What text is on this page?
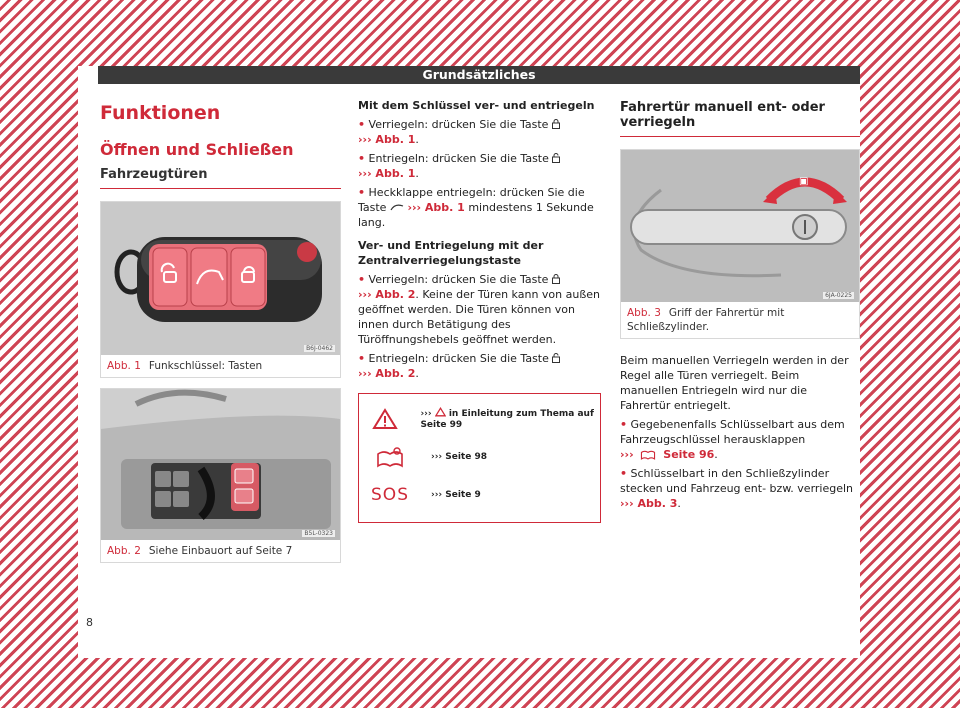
Grundsätzliches
Funktionen
Öffnen und Schließen
Fahrzeugtüren
B6J-0462
Abb. 1 Funkschlüssel: Tasten
B5L-0323
Abb. 2 Siehe Einbauort auf Seite 7

Mit dem Schlüssel ver- und entriegeln

• Verriegeln: drücken Sie die Taste
››› Abb. 1.

• Entriegeln: drücken Sie die Taste
››› Abb. 1.

• Heckklappe entriegeln: drücken Sie die Taste ››› Abb. 1 mindestens 1 Sekunde lang.

Ver- und Entriegelung mit der Zentralverriegelungstaste

• Verriegeln: drücken Sie die Taste
››› Abb. 2. Keine der Türen kann von außen geöffnet werden. Die Türen können von innen durch Betätigung des Türöffnungshebels geöffnet werden.

• Entriegeln: drücken Sie die Taste
››› Abb. 2.

›››  in Einleitung zum Thema auf Seite 99
››› Seite 98
SOS	››› Seite 9
Fahrertür manuell ent- oder verriegeln
▣
6JA-0225
Abb. 3 Griff der Fahrertür mit Schließzylinder.

Beim manuellen Verriegeln werden in der Regel alle Türen verriegelt. Beim manuellen Entriegeln wird nur die Fahrertür entriegelt.

• Gegebenenfalls Schlüsselbart aus dem Fahrzeugschlüssel herausklappen
›››  Seite 96.

• Schlüsselbart in den Schließzylinder stecken und Fahrzeug ent- bzw. verriegeln
››› Abb. 3.

8
